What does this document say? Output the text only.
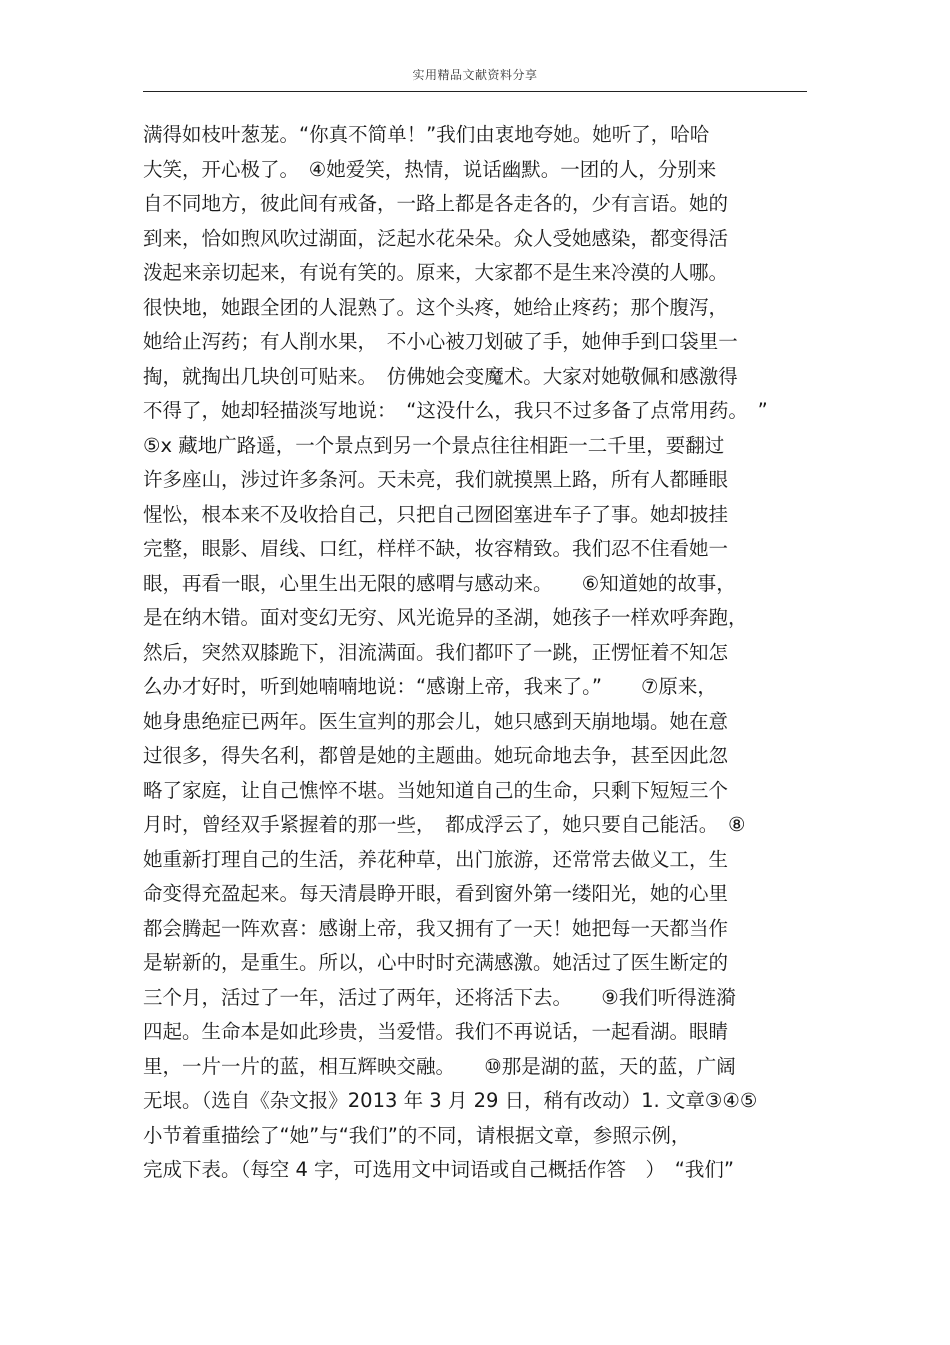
实用精品文献资料分享
满得如枝叶葱茏。“你真不简单！”我们由衷地夸她。她听了，哈哈
大笑，开心极了。　④她爱笑，热情，说话幽默。一团的人，分别来
自不同地方，彼此间有戒备，一路上都是各走各的，少有言语。她的
到来，恰如煦风吹过湖面，泛起水花朵朵。众人受她感染，都变得活
泼起来亲切起来，有说有笑的。原来，大家都不是生来冷漠的人哪。
很快地，她跟全团的人混熟了。这个头疼，她给止疼药；那个腹泻，
她给止泻药；有人削水果，　不小心被刀划破了手，她伸手到口袋里一
掏，就掏出几块创可贴来。　仿佛她会变魔术。大家对她敬佩和感激得
不得了，她却轻描淡写地说：　“这没什么，我只不过多备了点常用药。　”
⑤x 藏地广路遥，一个景点到另一个景点往往相距一二千里，要翻过
许多座山，涉过许多条河。天未亮，我们就摸黑上路，所有人都睡眼
惺忪，根本来不及收拾自己，只把自己囫囵塞进车子了事。她却披挂
完整，眼影、眉线、口红，样样不缺，妆容精致。我们忍不住看她一
眼，再看一眼，心里生出无限的感喟与感动来。　　⑥知道她的故事，
是在纳木错。面对变幻无穷、风光诡异的圣湖，她孩子一样欢呼奔跑，
然后，突然双膝跪下，泪流满面。我们都吓了一跳，正愣怔着不知怎
么办才好时，听到她喃喃地说：“感谢上帝，我来了。”　　⑦原来，
她身患绝症已两年。医生宣判的那会儿，她只感到天崩地塌。她在意
过很多，得失名利，都曾是她的主题曲。她玩命地去争，甚至因此忽
略了家庭，让自己憔悴不堪。当她知道自己的生命，只剩下短短三个
月时，曾经双手紧握着的那一些，　都成浮云了，她只要自己能活。　⑧
她重新打理自己的生活，养花种草，出门旅游，还常常去做义工，生
命变得充盈起来。每天清晨睁开眼，看到窗外第一缕阳光，她的心里
都会腾起一阵欢喜：感谢上帝，我又拥有了一天！她把每一天都当作
是崭新的，是重生。所以，心中时时充满感激。她活过了医生断定的
三个月，活过了一年，活过了两年，还将活下去。　　⑨我们听得涟漪
四起。生命本是如此珍贵，当爱惜。我们不再说话，一起看湖。眼睛
里，一片一片的蓝，相互辉映交融。　　⑩那是湖的蓝，天的蓝，广阔
无垠。（选自《杂文报》2013 年 3 月 29 日，稍有改动）1. 文章③④⑤
小节着重描绘了“她”与“我们”的不同，请根据文章，参照示例，
完成下表。（每空 4 字，可选用文中词语或自己概括作答　）　“我们”
